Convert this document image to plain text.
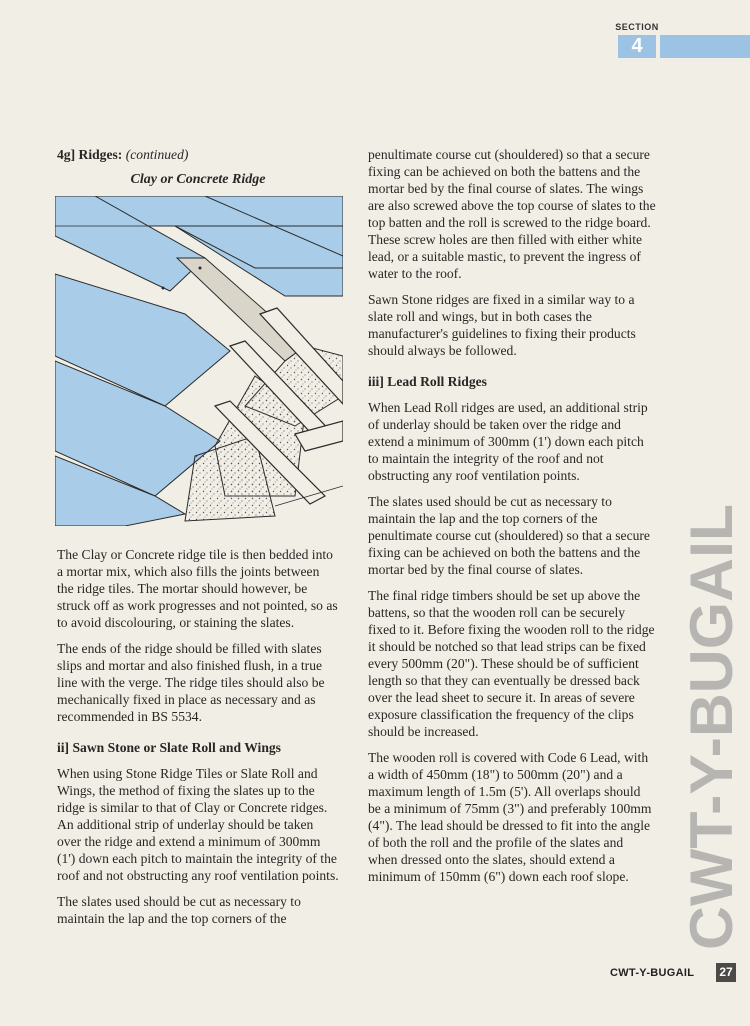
SECTION
4
4g] Ridges: (continued)
Clay or Concrete Ridge

The Clay or Concrete ridge tile is then bedded into a mortar mix, which also fills the joints between the ridge tiles. The mortar should however, be struck off as work progresses and not pointed, so as to avoid discolouring, or staining the slates.

The ends of the ridge should be filled with slates slips and mortar and also finished flush, in a true line with the verge. The ridge tiles should also be mechanically fixed in place as necessary and as recommended in BS 5534.

ii] Sawn Stone or Slate Roll and Wings

When using Stone Ridge Tiles or Slate Roll and Wings, the method of fixing the slates up to the ridge is similar to that of Clay or Concrete ridges. An additional strip of underlay should be taken over the ridge and extend a minimum of 300mm (1') down each pitch to maintain the integrity of the roof and not obstructing any roof ventilation points.

The slates used should be cut as necessary to maintain the lap and the top corners of the

penultimate course cut (shouldered) so that a secure fixing can be achieved on both the battens and the mortar bed by the final course of slates. The wings are also screwed above the top course of slates to the top batten and the roll is screwed to the ridge board. These screw holes are then filled with either white lead, or a suitable mastic, to prevent the ingress of water to the roof.

Sawn Stone ridges are fixed in a similar way to a slate roll and wings, but in both cases the manufacturer's guidelines to fixing their products should always be followed.

iii] Lead Roll Ridges

When Lead Roll ridges are used, an additional strip of underlay should be taken over the ridge and extend a minimum of 300mm (1') down each pitch to maintain the integrity of the roof and not obstructing any roof ventilation points.

The slates used should be cut as necessary to maintain the lap and the top corners of the penultimate course cut (shouldered) so that a secure fixing can be achieved on both the battens and the mortar bed by the final course of slates.

The final ridge timbers should be set up above the battens, so that the wooden roll can be securely fixed to it. Before fixing the wooden roll to the ridge it should be notched so that lead strips can be fixed every 500mm (20"). These should be of sufficient length so that they can eventually be dressed back over the lead sheet to secure it. In areas of severe exposure classification the frequency of the clips should be increased.

The wooden roll is covered with Code 6 Lead, with a width of 450mm (18") to 500mm (20") and a maximum length of 1.5m (5'). All overlaps should be a minimum of 75mm (3") and preferably 100mm (4"). The lead should be dressed to fit into the angle of both the roll and the profile of the slates and when dressed onto the slates, should extend a minimum of 150mm (6") down each roof slope. CWT-Y-BUGAIL
CWT-Y-BUGAIL 27
